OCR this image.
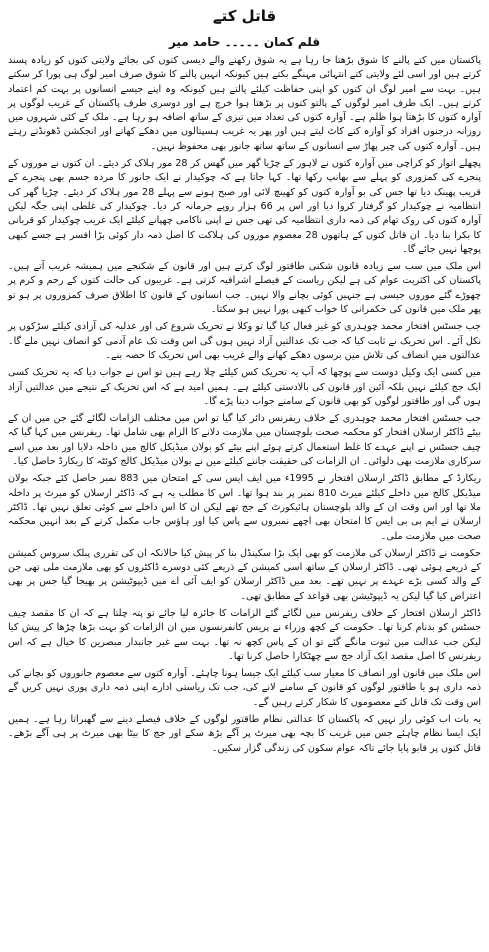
قاتل کتے
قلم کمان ۔۔۔۔۔ حامد میر

پاکستان میں کتے پالنے کا شوق بڑھتا جا رہا ہے یہ شوق رکھنے والے دیسی کتوں کی بجائے ولایتی کتوں کو زیادہ پسند کرتے ہیں اور اسی لئے ولایتی کتے انتہائی مہنگے بکتے ہیں کیونکہ انہیں پالنے کا شوق صرف امیر لوگ ہی پورا کر سکتے ہیں۔ بہت سے امیر لوگ ان کتوں کو اپنی حفاظت کیلئے پالتے ہیں کیونکہ وہ اپنے جیسے انسانوں پر بہت کم اعتماد کرتے ہیں۔ ایک طرف امیر لوگوں کے پالتو کتوں پر بڑھتا ہوا خرچ ہے اور دوسری طرف پاکستان کے غریب لوگوں پر آوارہ کتوں کا بڑھتا ہوا ظلم ہے۔ آوارہ کتوں کی تعداد میں تیزی کے ساتھ اضافہ ہو رہا ہے۔ ملک کے کئی شہروں میں روزانہ درجنوں افراد کو آوارہ کتے کاٹ لیتے ہیں اور پھر یہ غریب ہسپتالوں میں دھکے کھاتے اور انجکشن ڈھونڈتے رہتے ہیں۔ آوارہ کتوں کی چیر پھاڑ سے انسانوں کے ساتھ ساتھ جانور بھی محفوظ نہیں۔

پچھلے اتوار کو کراچی میں آوارہ کتوں نے لاہور کے چڑیا گھر میں گھس کر 28 مور ہلاک کر دیئے۔ ان کتوں نے موروں کے پنجرے کی کمزوری کو پہلے سے بھانپ رکھا تھا۔ کہا جاتا ہے کہ چوکیدار نے ایک جانور کا مردہ جسم بھی پنجرے کے قریب پھینک دیا تھا جس کی بو آوارہ کتوں کو کھینچ لائی اور صبح ہونے سے پہلے 28 مور ہلاک کر دیئے۔ چڑیا گھر کی انتظامیہ نے چوکیدار کو گرفتار کروا دیا اور اس پر 66 ہزار روپے جرمانہ کر دیا۔ چوکیدار کی غلطی اپنی جگہ لیکن آوارہ کتوں کی روک تھام کی ذمہ داری انتظامیہ کی تھی جس نے اپنی ناکامی چھپانے کیلئے ایک غریب چوکیدار کو قربانی کا بکرا بنا دیا۔ ان قاتل کتوں کے ہاتھوں 28 معصوم موروں کی ہلاکت کا اصل ذمہ دار کوئی بڑا افسر ہے جسے کبھی پوچھا نہیں جائے گا۔

اس ملک میں سب سے زیادہ قانون شکنی طاقتور لوگ کرتے ہیں اور قانون کے شکنجے میں ہمیشہ غریب آتے ہیں۔ پاکستان کی اکثریت عوام کی ہے لیکن ریاست کے فیصلے اشرافیہ کرتی ہے۔ غریبوں کی حالت کتوں کے رحم و کرم پر چھوڑے گئے موروں جیسی ہے جنہیں کوئی بچانے والا نہیں۔ جب انسانوں کے قانون کا اطلاق صرف کمزوروں پر ہو تو پھر ملک میں قانون کی حکمرانی کا خواب کبھی پورا نہیں ہو سکتا۔

جب جسٹس افتخار محمد چوہدری کو غیر فعال کیا گیا تو وکلا نے تحریک شروع کی اور عدلیہ کی آزادی کیلئے سڑکوں پر نکل آئے۔ اس تحریک نے ثابت کیا کہ جب تک عدالتیں آزاد نہیں ہوں گی اس وقت تک عام آدمی کو انصاف نہیں ملے گا۔ عدالتوں میں انصاف کی تلاش میں برسوں دھکے کھانے والے غریب بھی اس تحریک کا حصہ بنے۔

میں کسی ایک وکیل دوست سے پوچھا کہ آپ یہ تحریک کس کیلئے چلا رہے ہیں تو اس نے جواب دیا کہ یہ تحریک کسی ایک جج کیلئے نہیں بلکہ آئین اور قانون کی بالادستی کیلئے ہے۔ ہمیں امید ہے کہ اس تحریک کے نتیجے میں عدالتیں آزاد ہوں گی اور طاقتور لوگوں کو بھی قانون کے سامنے جواب دینا پڑے گا۔

جب جسٹس افتخار محمد چوہدری کے خلاف ریفرنس دائر کیا گیا تو اس میں مختلف الزامات لگائے گئے جن میں ان کے بیٹے ڈاکٹر ارسلان افتخار کو محکمہ صحت بلوچستان میں ملازمت دلانے کا الزام بھی شامل تھا۔ ریفرنس میں کہا گیا کہ چیف جسٹس نے اپنے عہدے کا غلط استعمال کرتے ہوئے اپنے بیٹے کو بولان میڈیکل کالج میں داخلہ دلایا اور بعد میں اسے سرکاری ملازمت بھی دلوائی۔ ان الزامات کی حقیقت جاننے کیلئے میں نے بولان میڈیکل کالج کوئٹہ کا ریکارڈ حاصل کیا۔

ریکارڈ کے مطابق ڈاکٹر ارسلان افتخار نے 1995ء میں ایف ایس سی کے امتحان میں 883 نمبر حاصل کئے جبکہ بولان میڈیکل کالج میں داخلے کیلئے میرٹ 810 نمبر پر بند ہوا تھا۔ اس کا مطلب یہ ہے کہ ڈاکٹر ارسلان کو میرٹ پر داخلہ ملا تھا اور اس وقت ان کے والد بلوچستان ہائیکورٹ کے جج تھے لیکن ان کا اس داخلے سے کوئی تعلق نہیں تھا۔ ڈاکٹر ارسلان نے ایم بی بی ایس کا امتحان بھی اچھے نمبروں سے پاس کیا اور ہاؤس جاب مکمل کرنے کے بعد انہیں محکمہ صحت میں ملازمت ملی۔

حکومت نے ڈاکٹر ارسلان کی ملازمت کو بھی ایک بڑا سکینڈل بنا کر پیش کیا حالانکہ ان کی تقرری پبلک سروس کمیشن کے ذریعے ہوئی تھی۔ ڈاکٹر ارسلان کے ساتھ اسی کمیشن کے ذریعے کئی دوسرے ڈاکٹروں کو بھی ملازمت ملی تھی جن کے والد کسی بڑے عہدے پر نہیں تھے۔ بعد میں ڈاکٹر ارسلان کو ایف آئی اے میں ڈیپوٹیشن پر بھیجا گیا جس پر بھی اعتراض کیا گیا لیکن یہ ڈیپوٹیشن بھی قواعد کے مطابق تھی۔

ڈاکٹر ارسلان افتخار کے خلاف ریفرنس میں لگائے گئے الزامات کا جائزہ لیا جائے تو پتہ چلتا ہے کہ ان کا مقصد چیف جسٹس کو بدنام کرنا تھا۔ حکومت کے کچھ وزراء نے پریس کانفرنسوں میں ان الزامات کو بہت بڑھا چڑھا کر پیش کیا لیکن جب عدالت میں ثبوت مانگے گئے تو ان کے پاس کچھ نہ تھا۔ بہت سے غیر جانبدار مبصرین کا خیال ہے کہ اس ریفرنس کا اصل مقصد ایک آزاد جج سے چھٹکارا حاصل کرنا تھا۔

اس ملک میں قانون اور انصاف کا معیار سب کیلئے ایک جیسا ہونا چاہئے۔ آوارہ کتوں سے معصوم جانوروں کو بچانے کی ذمہ داری ہو یا طاقتور لوگوں کو قانون کے سامنے لانے کی، جب تک ریاستی ادارے اپنی ذمہ داری پوری نہیں کریں گے اس وقت تک قاتل کتے معصوموں کا شکار کرتے رہیں گے۔

یہ بات اب کوئی راز نہیں کہ پاکستان کا عدالتی نظام طاقتور لوگوں کے خلاف فیصلے دینے سے گھبراتا رہا ہے۔ ہمیں ایک ایسا نظام چاہئے جس میں غریب کا بچہ بھی میرٹ پر آگے بڑھ سکے اور جج کا بیٹا بھی میرٹ پر ہی آگے بڑھے۔ قاتل کتوں پر قابو پایا جائے تاکہ عوام سکون کی زندگی گزار سکیں۔
